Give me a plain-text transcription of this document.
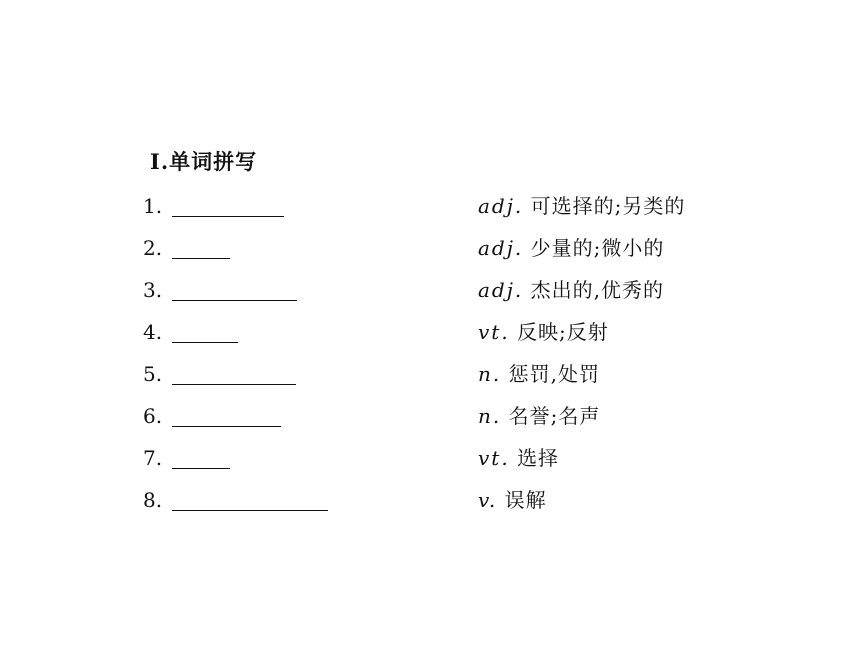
Ⅰ.单词拼写
1.	adj. 可选择的;另类的
2.	adj. 少量的;微小的
3.	adj. 杰出的,优秀的
4.	vt. 反映;反射
5.	n. 惩罚,处罚
6.	n. 名誉;名声
7.	vt. 选择
8.	v. 误解
